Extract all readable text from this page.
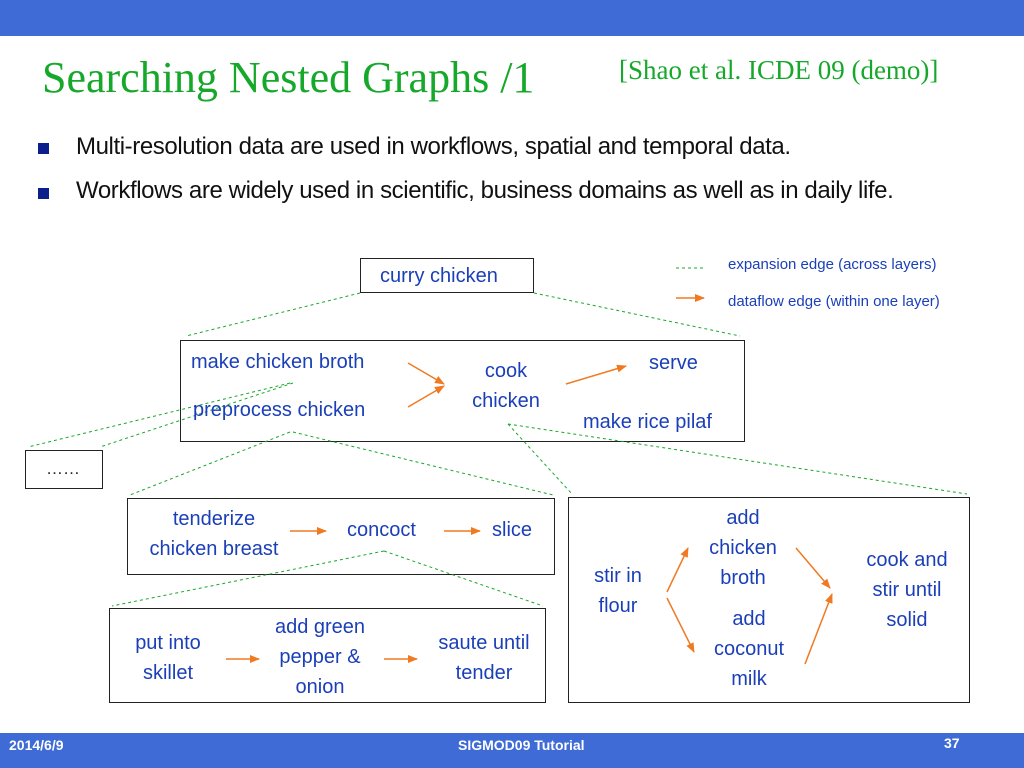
Searching Nested Graphs /1	[Shao et al. ICDE 09 (demo)]
Multi-resolution data are used in workflows, spatial and temporal data.
Workflows are widely used in scientific, business domains as well as in daily life.
expansion edge (across layers)
dataflow edge (within one layer)
curry chicken
make chicken broth
preprocess chicken
cook
chicken
serve
make rice pilaf
……
tenderize
chicken breast
concoct	slice
put into
skillet
add green
pepper &
onion
saute until
tender
stir in
flour
add
chicken
broth
add
coconut
milk
cook and
stir until
solid
2014/6/9	SIGMOD09 Tutorial	37
